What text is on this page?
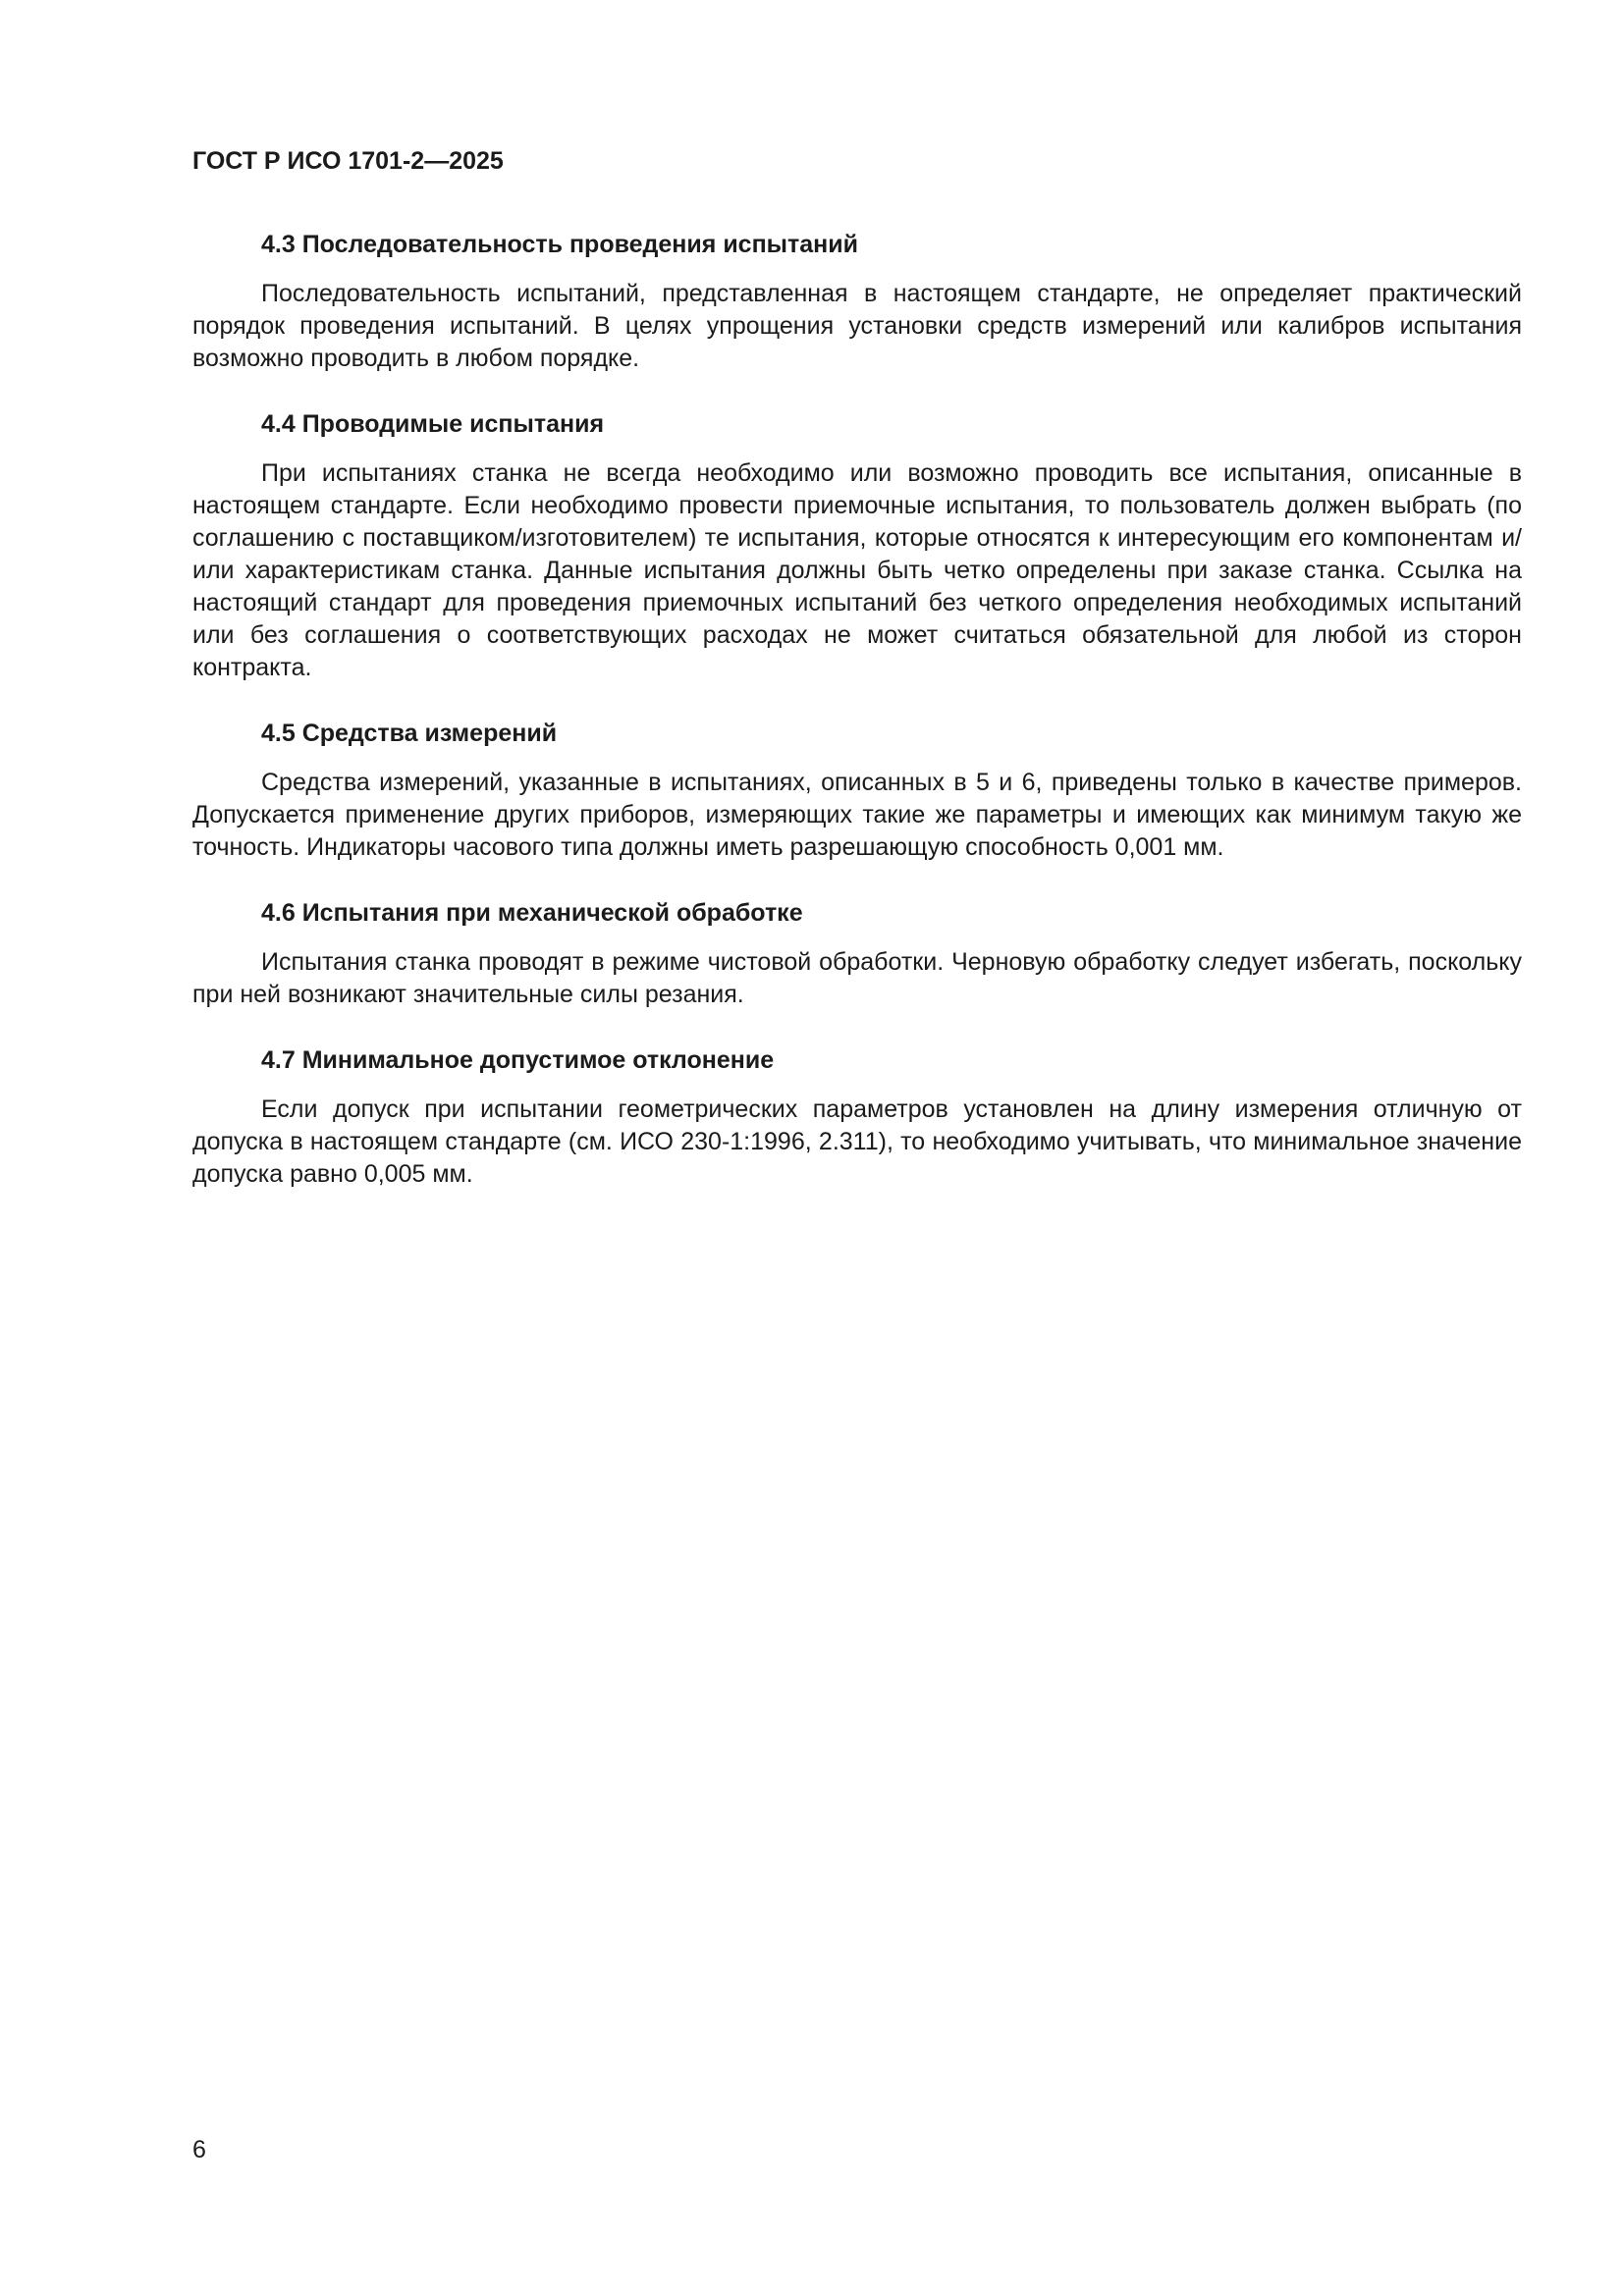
ГОСТ Р ИСО 1701-2—2025
4.3 Последовательность проведения испытаний

Последовательность испытаний, представленная в настоящем стандарте, не определяет практический порядок проведения испытаний. В целях упрощения установки средств измерений или калибров испытания возможно проводить в любом порядке.

4.4 Проводимые испытания

При испытаниях станка не всегда необходимо или возможно проводить все испытания, описанные в настоящем стандарте. Если необходимо провести приемочные испытания, то пользователь должен выбрать (по соглашению с поставщиком/изготовителем) те испытания, которые относятся к интересующим его компонентам и/или характеристикам станка. Данные испытания должны быть четко определены при заказе станка. Ссылка на настоящий стандарт для проведения приемочных испытаний без четкого определения необходимых испытаний или без соглашения о соответствующих расходах не может считаться обязательной для любой из сторон контракта.

4.5 Средства измерений

Средства измерений, указанные в испытаниях, описанных в 5 и 6, приведены только в качестве примеров. Допускается применение других приборов, измеряющих такие же параметры и имеющих как минимум такую же точность. Индикаторы часового типа должны иметь разрешающую способность 0,001 мм.

4.6 Испытания при механической обработке

Испытания станка проводят в режиме чистовой обработки. Черновую обработку следует избегать, поскольку при ней возникают значительные силы резания.

4.7 Минимальное допустимое отклонение

Если допуск при испытании геометрических параметров установлен на длину измерения отличную от допуска в настоящем стандарте (см. ИСО 230-1:1996, 2.311), то необходимо учитывать, что минимальное значение допуска равно 0,005 мм.

6
